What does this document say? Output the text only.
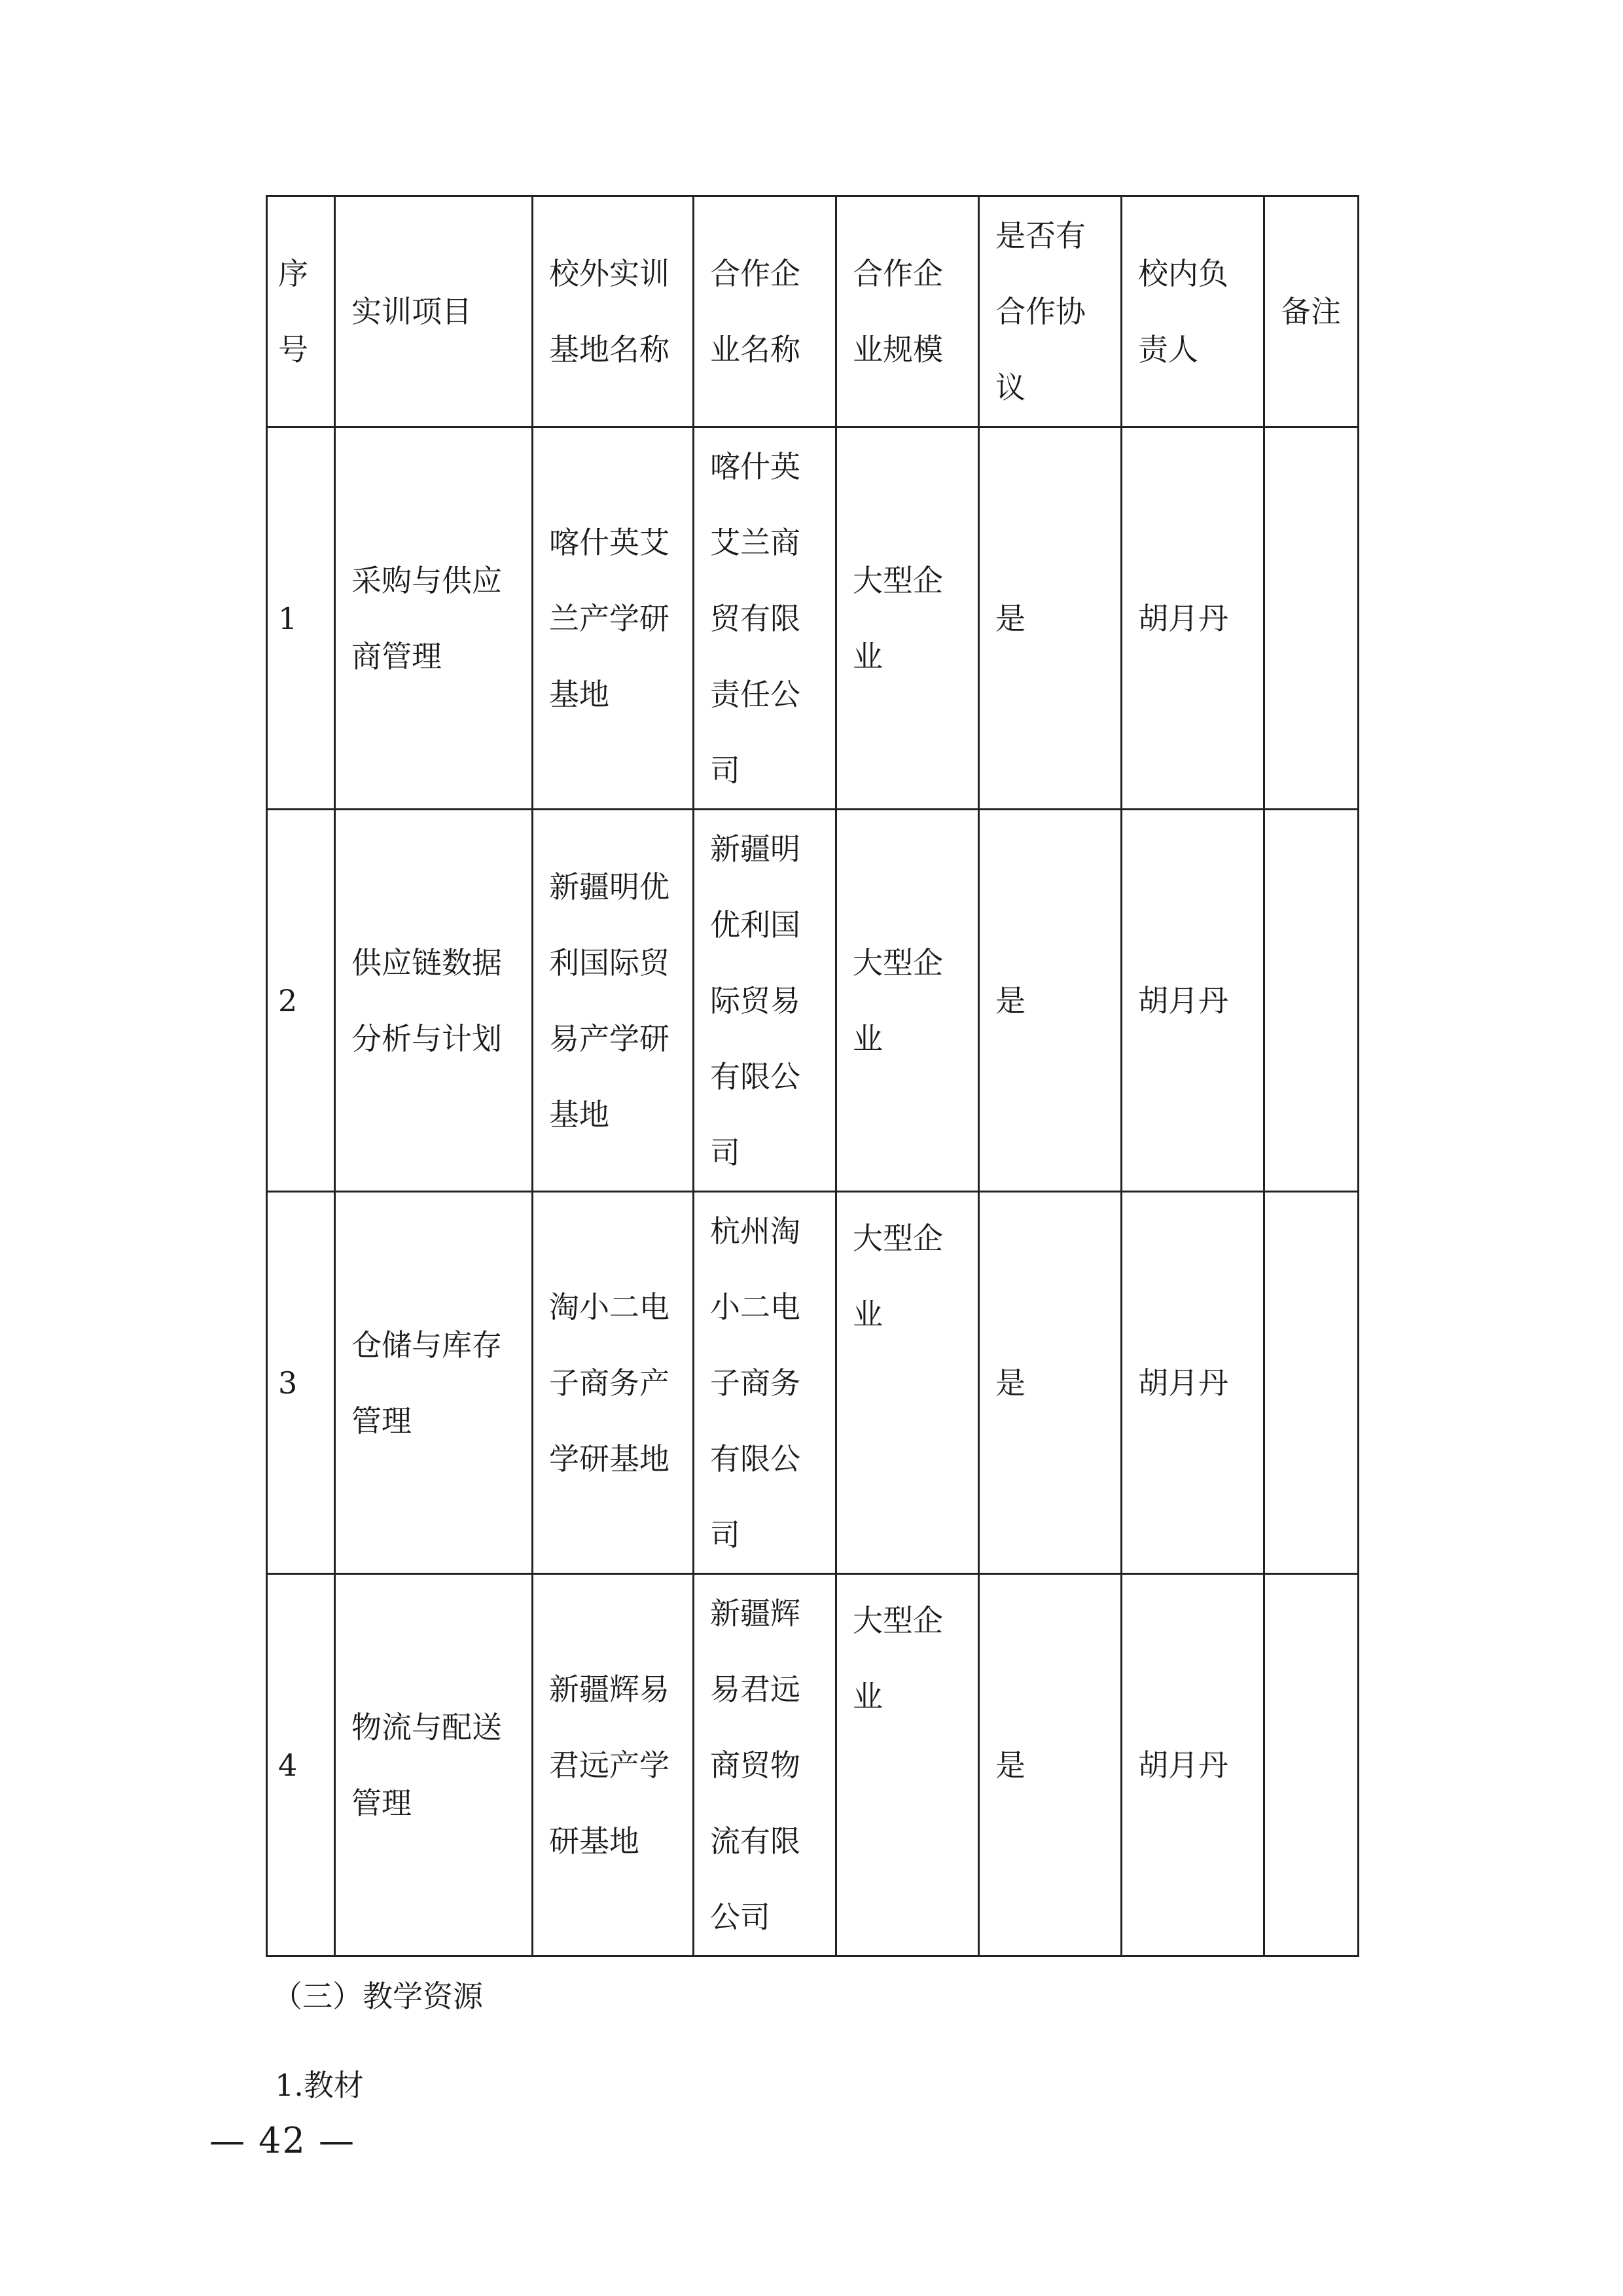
序号	实训项目	校外实训基地名称	合作企业名称	合作企业规模	是否有合作协议	校内负责人	备注
1	采购与供应商管理	喀什英艾兰产学研基地	喀什英艾兰商贸有限责任公司	大型企业	是	胡月丹	
2	供应链数据分析与计划	新疆明优利国际贸易产学研基地	新疆明优利国际贸易有限公司	大型企业	是	胡月丹	
3	仓储与库存管理	淘小二电子商务产学研基地	杭州淘小二电子商务有限公司	大型企业	是	胡月丹	
4	物流与配送管理	新疆辉易君远产学研基地	新疆辉易君远商贸物流有限公司	大型企业	是	胡月丹	
（三）教学资源
1.教材
— 42 —
